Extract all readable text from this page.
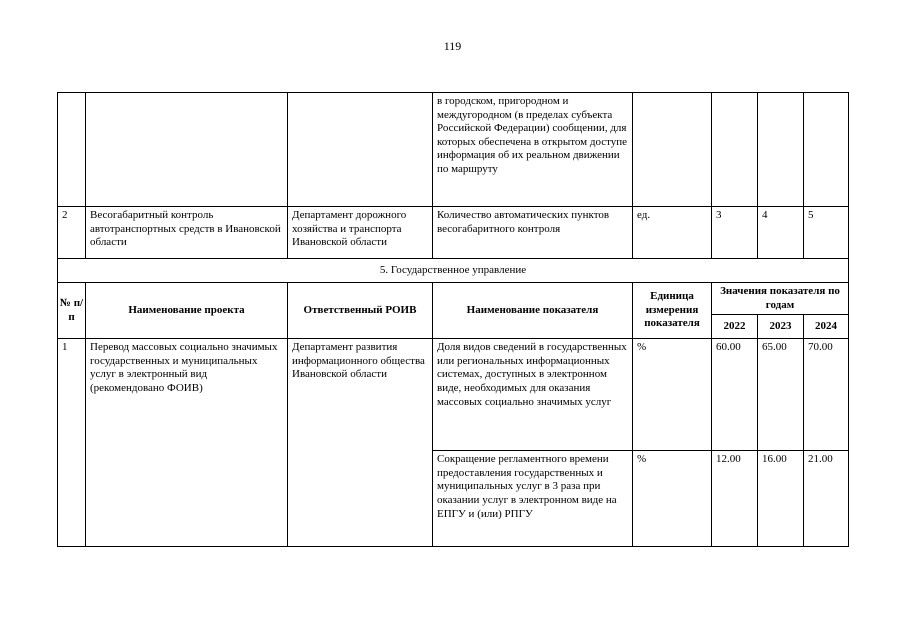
119
			в городском, пригородном и междугородном (в пределах субъекта Российской Федерации) сообщении, для которых обеспечена в открытом доступе информация об их реальном движении по маршруту				
2	Весогабаритный контроль автотранспортных средств в Ивановской области	Департамент дорожного хозяйства и транспорта Ивановской области	Количество автоматических пунктов весогабаритного контроля	ед.	3	4	5
5. Государственное управление							
№ п/п	Наименование проекта	Ответственный РОИВ	Наименование показателя	Единица измерения показателя	Значения показателя по годам		
					2022	2023	2024
1	Перевод массовых социально значимых государственных и муниципальных услуг в электронный вид (рекомендовано ФОИВ)	Департамент развития информационного общества Ивановской области	Доля видов сведений в государственных или региональных информационных системах, доступных в электронном виде, необходимых для оказания массовых социально значимых услуг	%	60.00	65.00	70.00
			Сокращение регламентного времени предоставления государственных и муниципальных услуг в 3 раза при оказании услуг в электронном виде на ЕПГУ и (или) РПГУ	%	12.00	16.00	21.00
